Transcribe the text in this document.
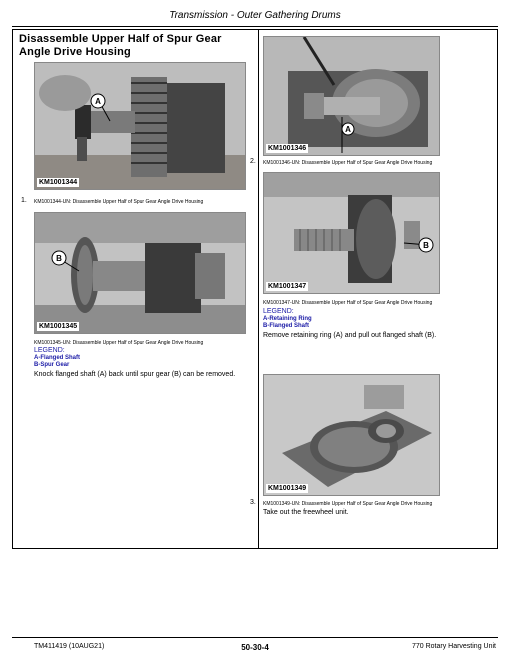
Transmission - Outer Gathering Drums
Disassemble Upper Half of Spur Gear Angle Drive Housing
A
KM1001344
1. KM1001344-UN: Disassemble Upper Half of Spur Gear Angle Drive Housing
B
KM1001345
KM1001345-UN: Disassemble Upper Half of Spur Gear Angle Drive Housing
LEGEND:
A-Flanged Shaft
B-Spur Gear
Knock flanged shaft (A) back until spur gear (B) can be removed.
A
KM1001346
2. KM1001346-UN: Disassemble Upper Half of Spur Gear Angle Drive Housing
B
KM1001347
KM1001347-UN: Disassemble Upper Half of Spur Gear Angle Drive Housing
LEGEND:
A-Retaining Ring
B-Flanged Shaft
Remove retaining ring (A) and pull out flanged shaft (B).
KM1001349
3. KM1001349-UN: Disassemble Upper Half of Spur Gear Angle Drive Housing
Take out the freewheel unit.
TM411419 (10AUG21)	50-30-4	770 Rotary Harvesting Unit
